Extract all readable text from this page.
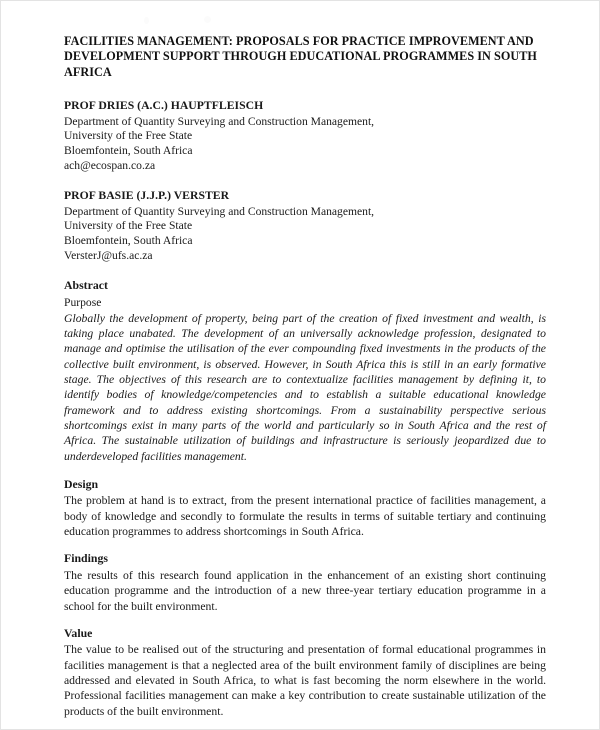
FACILITIES MANAGEMENT: PROPOSALS FOR PRACTICE IMPROVEMENT AND DEVELOPMENT SUPPORT THROUGH EDUCATIONAL PROGRAMMES IN SOUTH AFRICA
PROF DRIES (A.C.) HAUPTFLEISCH
Department of Quantity Surveying and Construction Management,
University of the Free State
Bloemfontein, South Africa
ach@ecospan.co.za
PROF BASIE (J.J.P.) VERSTER
Department of Quantity Surveying and Construction Management,
University of the Free State
Bloemfontein, South Africa
VersterJ@ufs.ac.za
Abstract
Purpose

Globally the development of property, being part of the creation of fixed investment and wealth, is taking place unabated. The development of an universally acknowledge profession, designated to manage and optimise the utilisation of the ever compounding fixed investments in the products of the collective built environment, is observed. However, in South Africa this is still in an early formative stage. The objectives of this research are to contextualize facilities management by defining it, to identify bodies of knowledge/competencies and to establish a suitable educational knowledge framework and to address existing shortcomings. From a sustainability perspective serious shortcomings exist in many parts of the world and particularly so in South Africa and the rest of Africa. The sustainable utilization of buildings and infrastructure is seriously jeopardized due to underdeveloped facilities management.

Design

The problem at hand is to extract, from the present international practice of facilities management, a body of knowledge and secondly to formulate the results in terms of suitable tertiary and continuing education programmes to address shortcomings in South Africa.

Findings

The results of this research found application in the enhancement of an existing short continuing education programme and the introduction of a new three-year tertiary education programme in a school for the built environment.

Value

The value to be realised out of the structuring and presentation of formal educational programmes in facilities management is that a neglected area of the built environment family of disciplines are being addressed and elevated in South Africa, to what is fast becoming the norm elsewhere in the world. Professional facilities management can make a key contribution to create sustainable utilization of the products of the built environment.
